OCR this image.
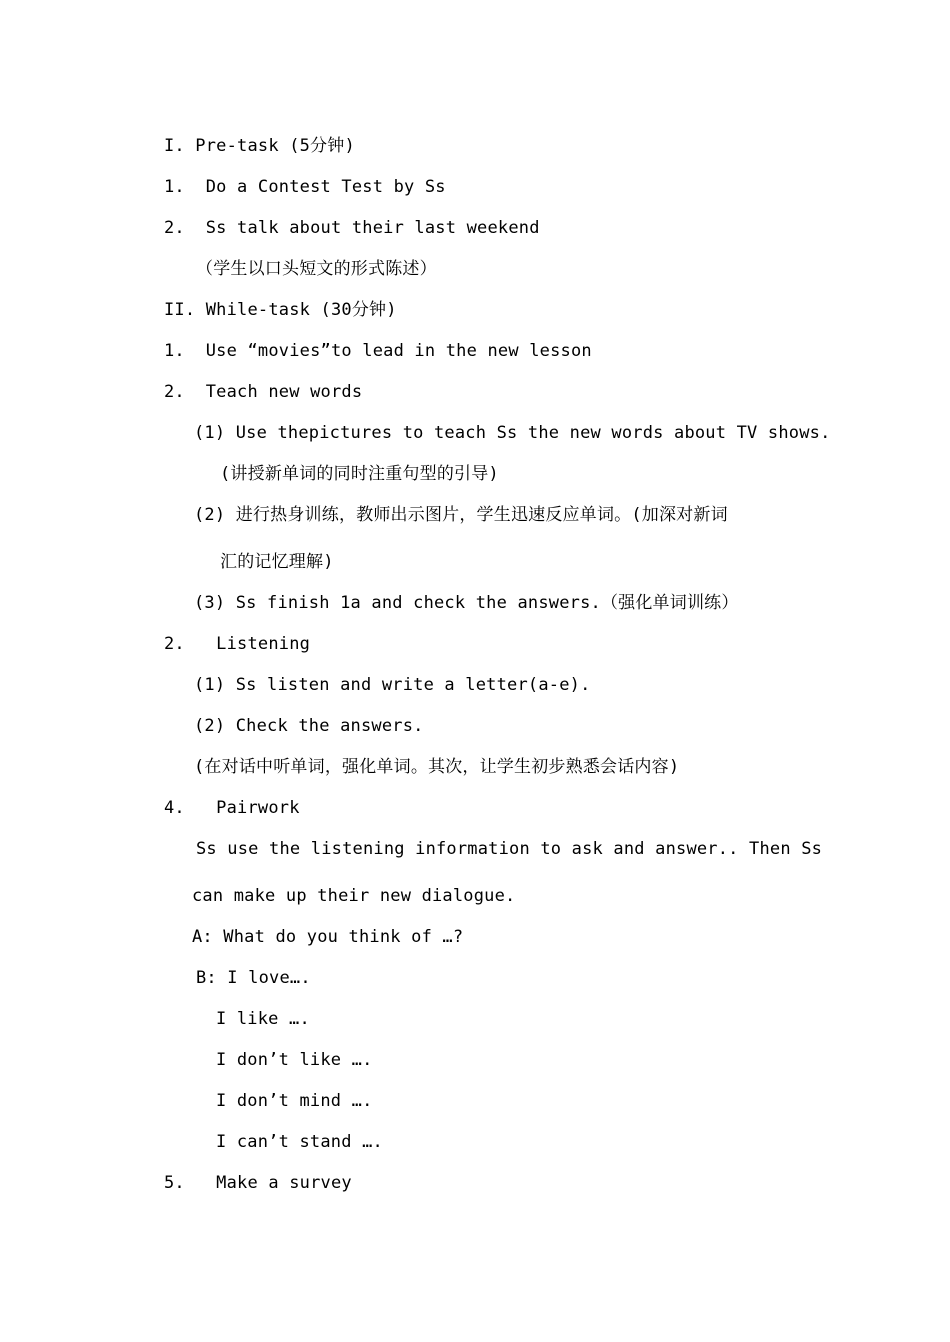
I. Pre-task (5分钟)
1.  Do a Contest Test by Ss
2.  Ss talk about their last weekend
（学生以口头短文的形式陈述）
II. While-task (30分钟)
1.  Use “movies”to lead in the new lesson
2.  Teach new words
(1) Use thepictures to teach Ss the new words about TV shows.
(讲授新单词的同时注重句型的引导)
(2) 进行热身训练，教师出示图片，学生迅速反应单词。(加深对新词
汇的记忆理解)
(3) Ss finish 1a and check the answers.（强化单词训练）
2.   Listening
(1) Ss listen and write a letter(a-e).
(2) Check the answers.
(在对话中听单词，强化单词。其次，让学生初步熟悉会话内容)
4.   Pairwork
Ss use the listening information to ask and answer.. Then Ss
can make up their new dialogue.
A: What do you think of …?
B: I love….
I like ….
I don’t like ….
I don’t mind ….
I can’t stand ….
5.   Make a survey
